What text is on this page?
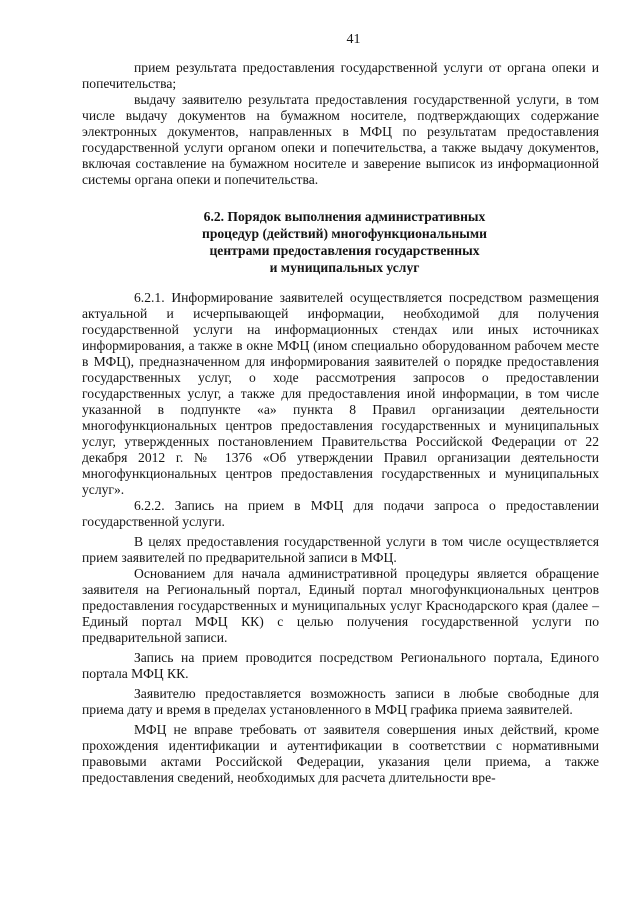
41

прием результата предоставления государственной услуги от органа опеки и попечительства;

выдачу заявителю результата предоставления государственной услуги, в том числе выдачу документов на бумажном носителе, подтверждающих содержание электронных документов, направленных в МФЦ по результатам предоставления государственной услуги органом опеки и попечительства, а также выдачу документов, включая составление на бумажном носителе и заверение выписок из информационной системы органа опеки и попечительства.

6.2. Порядок выполнения административных
процедур (действий) многофункциональными
центрами предоставления государственных
и муниципальных услуг

6.2.1. Информирование заявителей осуществляется посредством размещения актуальной и исчерпывающей информации, необходимой для получения государственной услуги на информационных стендах или иных источниках информирования, а также в окне МФЦ (ином специально оборудованном рабочем месте в МФЦ), предназначенном для информирования заявителей о порядке предоставления государственных услуг, о ходе рассмотрения запросов о предоставлении государственных услуг, а также для предоставления иной информации, в том числе указанной в подпункте «а» пункта 8 Правил организации деятельности многофункциональных центров предоставления государственных и муниципальных услуг, утвержденных постановлением Правительства Российской Федерации от 22 декабря 2012 г. № 1376 «Об утверждении Правил организации деятельности многофункциональных центров предоставления государственных и муниципальных услуг».

6.2.2. Запись на прием в МФЦ для подачи запроса о предоставлении государственной услуги.

В целях предоставления государственной услуги в том числе осуществляется прием заявителей по предварительной записи в МФЦ.

Основанием для начала административной процедуры является обращение заявителя на Региональный портал, Единый портал многофункциональных центров предоставления государственных и муниципальных услуг Краснодарского края (далее – Единый портал МФЦ КК) с целью получения государственной услуги по предварительной записи.

Запись на прием проводится посредством Регионального портала, Единого портала МФЦ КК.

Заявителю предоставляется возможность записи в любые свободные для приема дату и время в пределах установленного в МФЦ графика приема заявителей.

МФЦ не вправе требовать от заявителя совершения иных действий, кроме прохождения идентификации и аутентификации в соответствии с нормативными правовыми актами Российской Федерации, указания цели приема, а также предоставления сведений, необходимых для расчета длительности вре-
